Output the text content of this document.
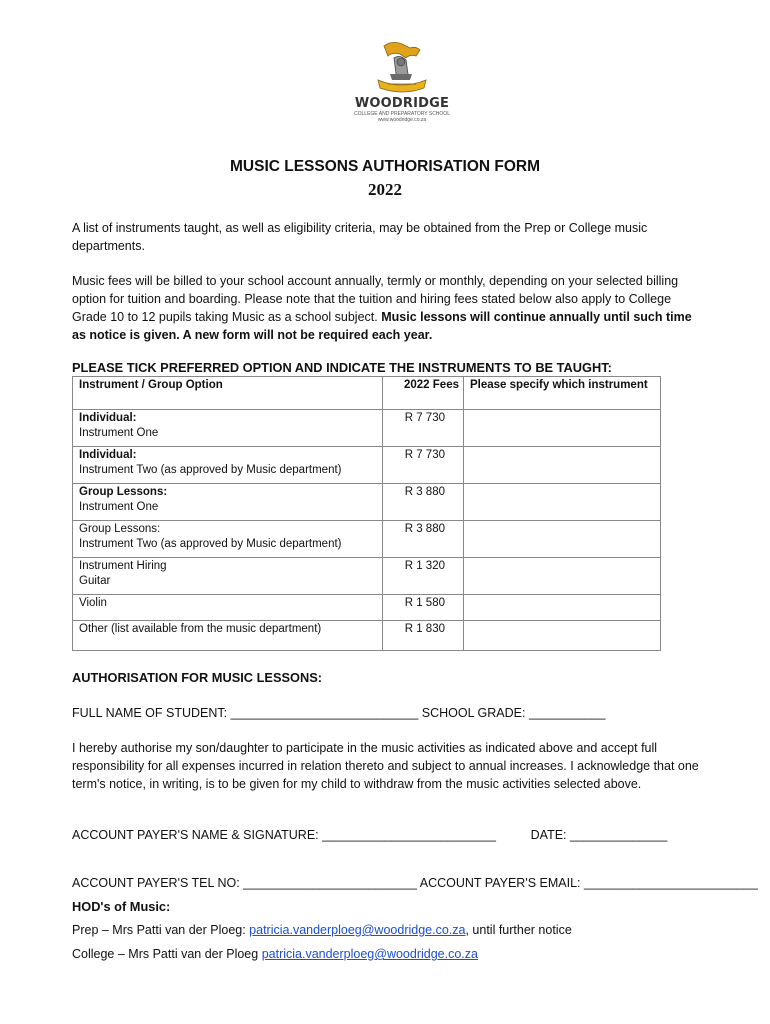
WOODRIDGE
COLLEGE AND PREPARATORY SCHOOL
www.woodridge.co.za
MUSIC LESSONS AUTHORISATION FORM
2022
A list of instruments taught, as well as eligibility criteria, may be obtained from the Prep or College music departments.
Music fees will be billed to your school account annually, termly or monthly, depending on your selected billing option for tuition and boarding. Please note that the tuition and hiring fees stated below also apply to College Grade 10 to 12 pupils taking Music as a school subject. Music lessons will continue annually until such time as notice is given. A new form will not be required each year.
PLEASE TICK PREFERRED OPTION AND INDICATE THE INSTRUMENTS TO BE TAUGHT:
Instrument / Group Option	2022 Fees	Please specify which instrument
Individual:
Instrument One	R 7 730	
Individual:
Instrument Two (as approved by Music department)	R 7 730	
Group Lessons:
Instrument One	R 3 880	
Group Lessons:
Instrument Two (as approved by Music department)	R 3 880	
Instrument Hiring
Guitar	R 1 320	
Violin	R 1 580	
Other (list available from the music department)	R 1 830	
AUTHORISATION FOR MUSIC LESSONS:
FULL NAME OF STUDENT: ___________________________ SCHOOL GRADE: ___________
I hereby authorise my son/daughter to participate in the music activities as indicated above and accept full responsibility for all expenses incurred in relation thereto and subject to annual increases. I acknowledge that one term's notice, in writing, is to be given for my child to withdraw from the music activities selected above.
ACCOUNT PAYER'S NAME & SIGNATURE: _________________________          DATE: ______________
ACCOUNT PAYER'S TEL NO: _________________________ ACCOUNT PAYER'S EMAIL: _________________________
HOD's of Music:
Prep – Mrs Patti van der Ploeg: patricia.vanderploeg@woodridge.co.za, until further notice
College – Mrs Patti van der Ploeg patricia.vanderploeg@woodridge.co.za
